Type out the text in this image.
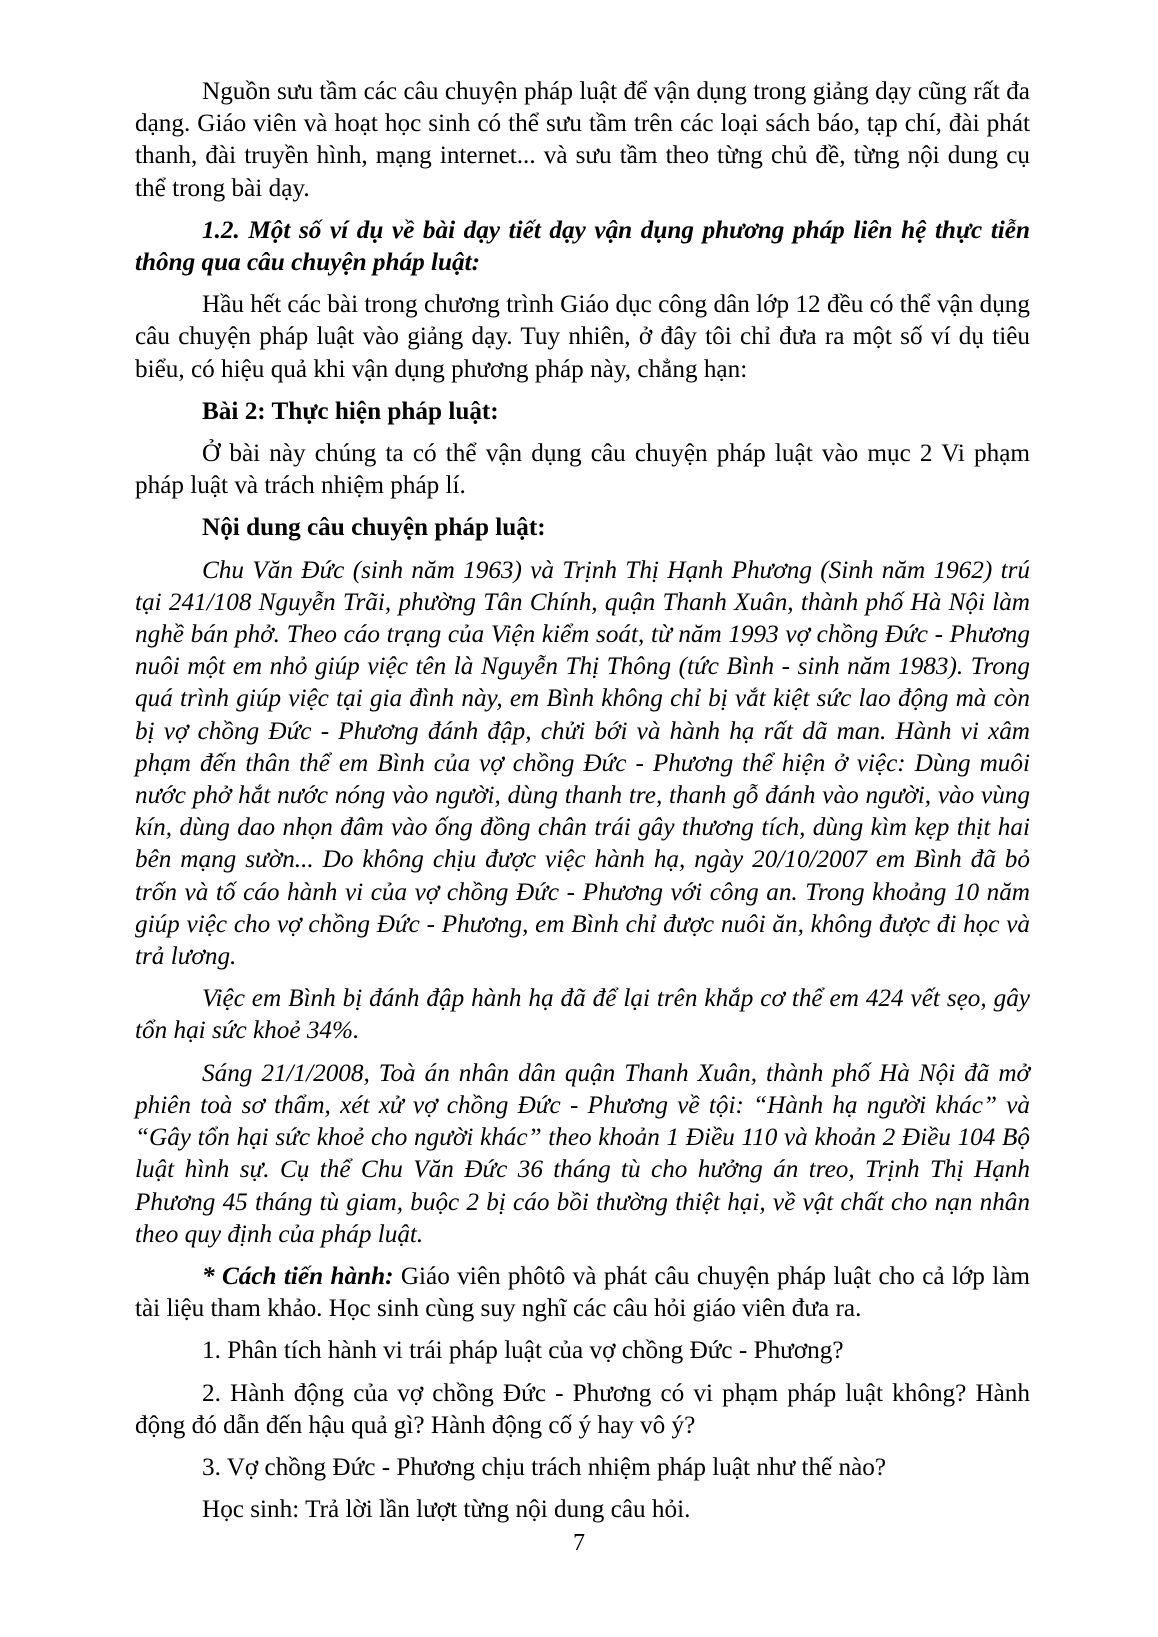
Nguồn sưu tầm các câu chuyện pháp luật để vận dụng trong giảng dạy cũng rất đa dạng. Giáo viên và hoạt học sinh có thể sưu tầm trên các loại sách báo, tạp chí, đài phát thanh, đài truyền hình, mạng internet... và sưu tầm theo từng chủ đề, từng nội dung cụ thể trong bài dạy.

1.2. Một số ví dụ về bài dạy tiết dạy vận dụng phương pháp liên hệ thực tiễn thông qua câu chuyện pháp luật:

Hầu hết các bài trong chương trình Giáo dục công dân lớp 12 đều có thể vận dụng câu chuyện pháp luật vào giảng dạy. Tuy nhiên, ở đây tôi chỉ đưa ra một số ví dụ tiêu biểu, có hiệu quả khi vận dụng phương pháp này, chẳng hạn:

Bài 2: Thực hiện pháp luật:

Ở bài này chúng ta có thể vận dụng câu chuyện pháp luật vào mục 2 Vi phạm pháp luật và trách nhiệm pháp lí.

Nội dung câu chuyện pháp luật:

Chu Văn Đức (sinh năm 1963) và Trịnh Thị Hạnh Phương (Sinh năm 1962) trú tại 241/108 Nguyễn Trãi, phường Tân Chính, quận Thanh Xuân, thành phố Hà Nội làm nghề bán phở. Theo cáo trạng của Viện kiểm soát, từ năm 1993 vợ chồng Đức - Phương nuôi một em nhỏ giúp việc tên là Nguyễn Thị Thông (tức Bình - sinh năm 1983). Trong quá trình giúp việc tại gia đình này, em Bình không chỉ bị vắt kiệt sức lao động mà còn bị vợ chồng Đức - Phương đánh đập, chửi bới và hành hạ rất dã man. Hành vi xâm phạm đến thân thể em Bình của vợ chồng Đức - Phương thể hiện ở việc: Dùng muôi nước phở hắt nước nóng vào người, dùng thanh tre, thanh gỗ đánh vào người, vào vùng kín, dùng dao nhọn đâm vào ống đồng chân trái gây thương tích, dùng kìm kẹp thịt hai bên mạng sườn... Do không chịu được việc hành hạ, ngày 20/10/2007 em Bình đã bỏ trốn và tố cáo hành vi của vợ chồng Đức - Phương với công an. Trong khoảng 10 năm giúp việc cho vợ chồng Đức - Phương, em Bình chỉ được nuôi ăn, không được đi học và trả lương.

Việc em Bình bị đánh đập hành hạ đã để lại trên khắp cơ thể em 424 vết sẹo, gây tổn hại sức khoẻ 34%.

Sáng 21/1/2008, Toà án nhân dân quận Thanh Xuân, thành phố Hà Nội đã mở phiên toà sơ thẩm, xét xử vợ chồng Đức - Phương về tội: “Hành hạ người khác” và “Gây tổn hại sức khoẻ cho người khác” theo khoản 1 Điều 110 và khoản 2 Điều 104 Bộ luật hình sự. Cụ thể Chu Văn Đức 36 tháng tù cho hưởng án treo, Trịnh Thị Hạnh Phương 45 tháng tù giam, buộc 2 bị cáo bồi thường thiệt hại, về vật chất cho nạn nhân theo quy định của pháp luật.

* Cách tiến hành: Giáo viên phôtô và phát câu chuyện pháp luật cho cả lớp làm tài liệu tham khảo. Học sinh cùng suy nghĩ các câu hỏi giáo viên đưa ra.

1. Phân tích hành vi trái pháp luật của vợ chồng Đức - Phương?

2. Hành động của vợ chồng Đức - Phương có vi phạm pháp luật không? Hành động đó dẫn đến hậu quả gì? Hành động cố ý hay vô ý?

3. Vợ chồng Đức - Phương chịu trách nhiệm pháp luật như thế nào?

Học sinh: Trả lời lần lượt từng nội dung câu hỏi.

7
